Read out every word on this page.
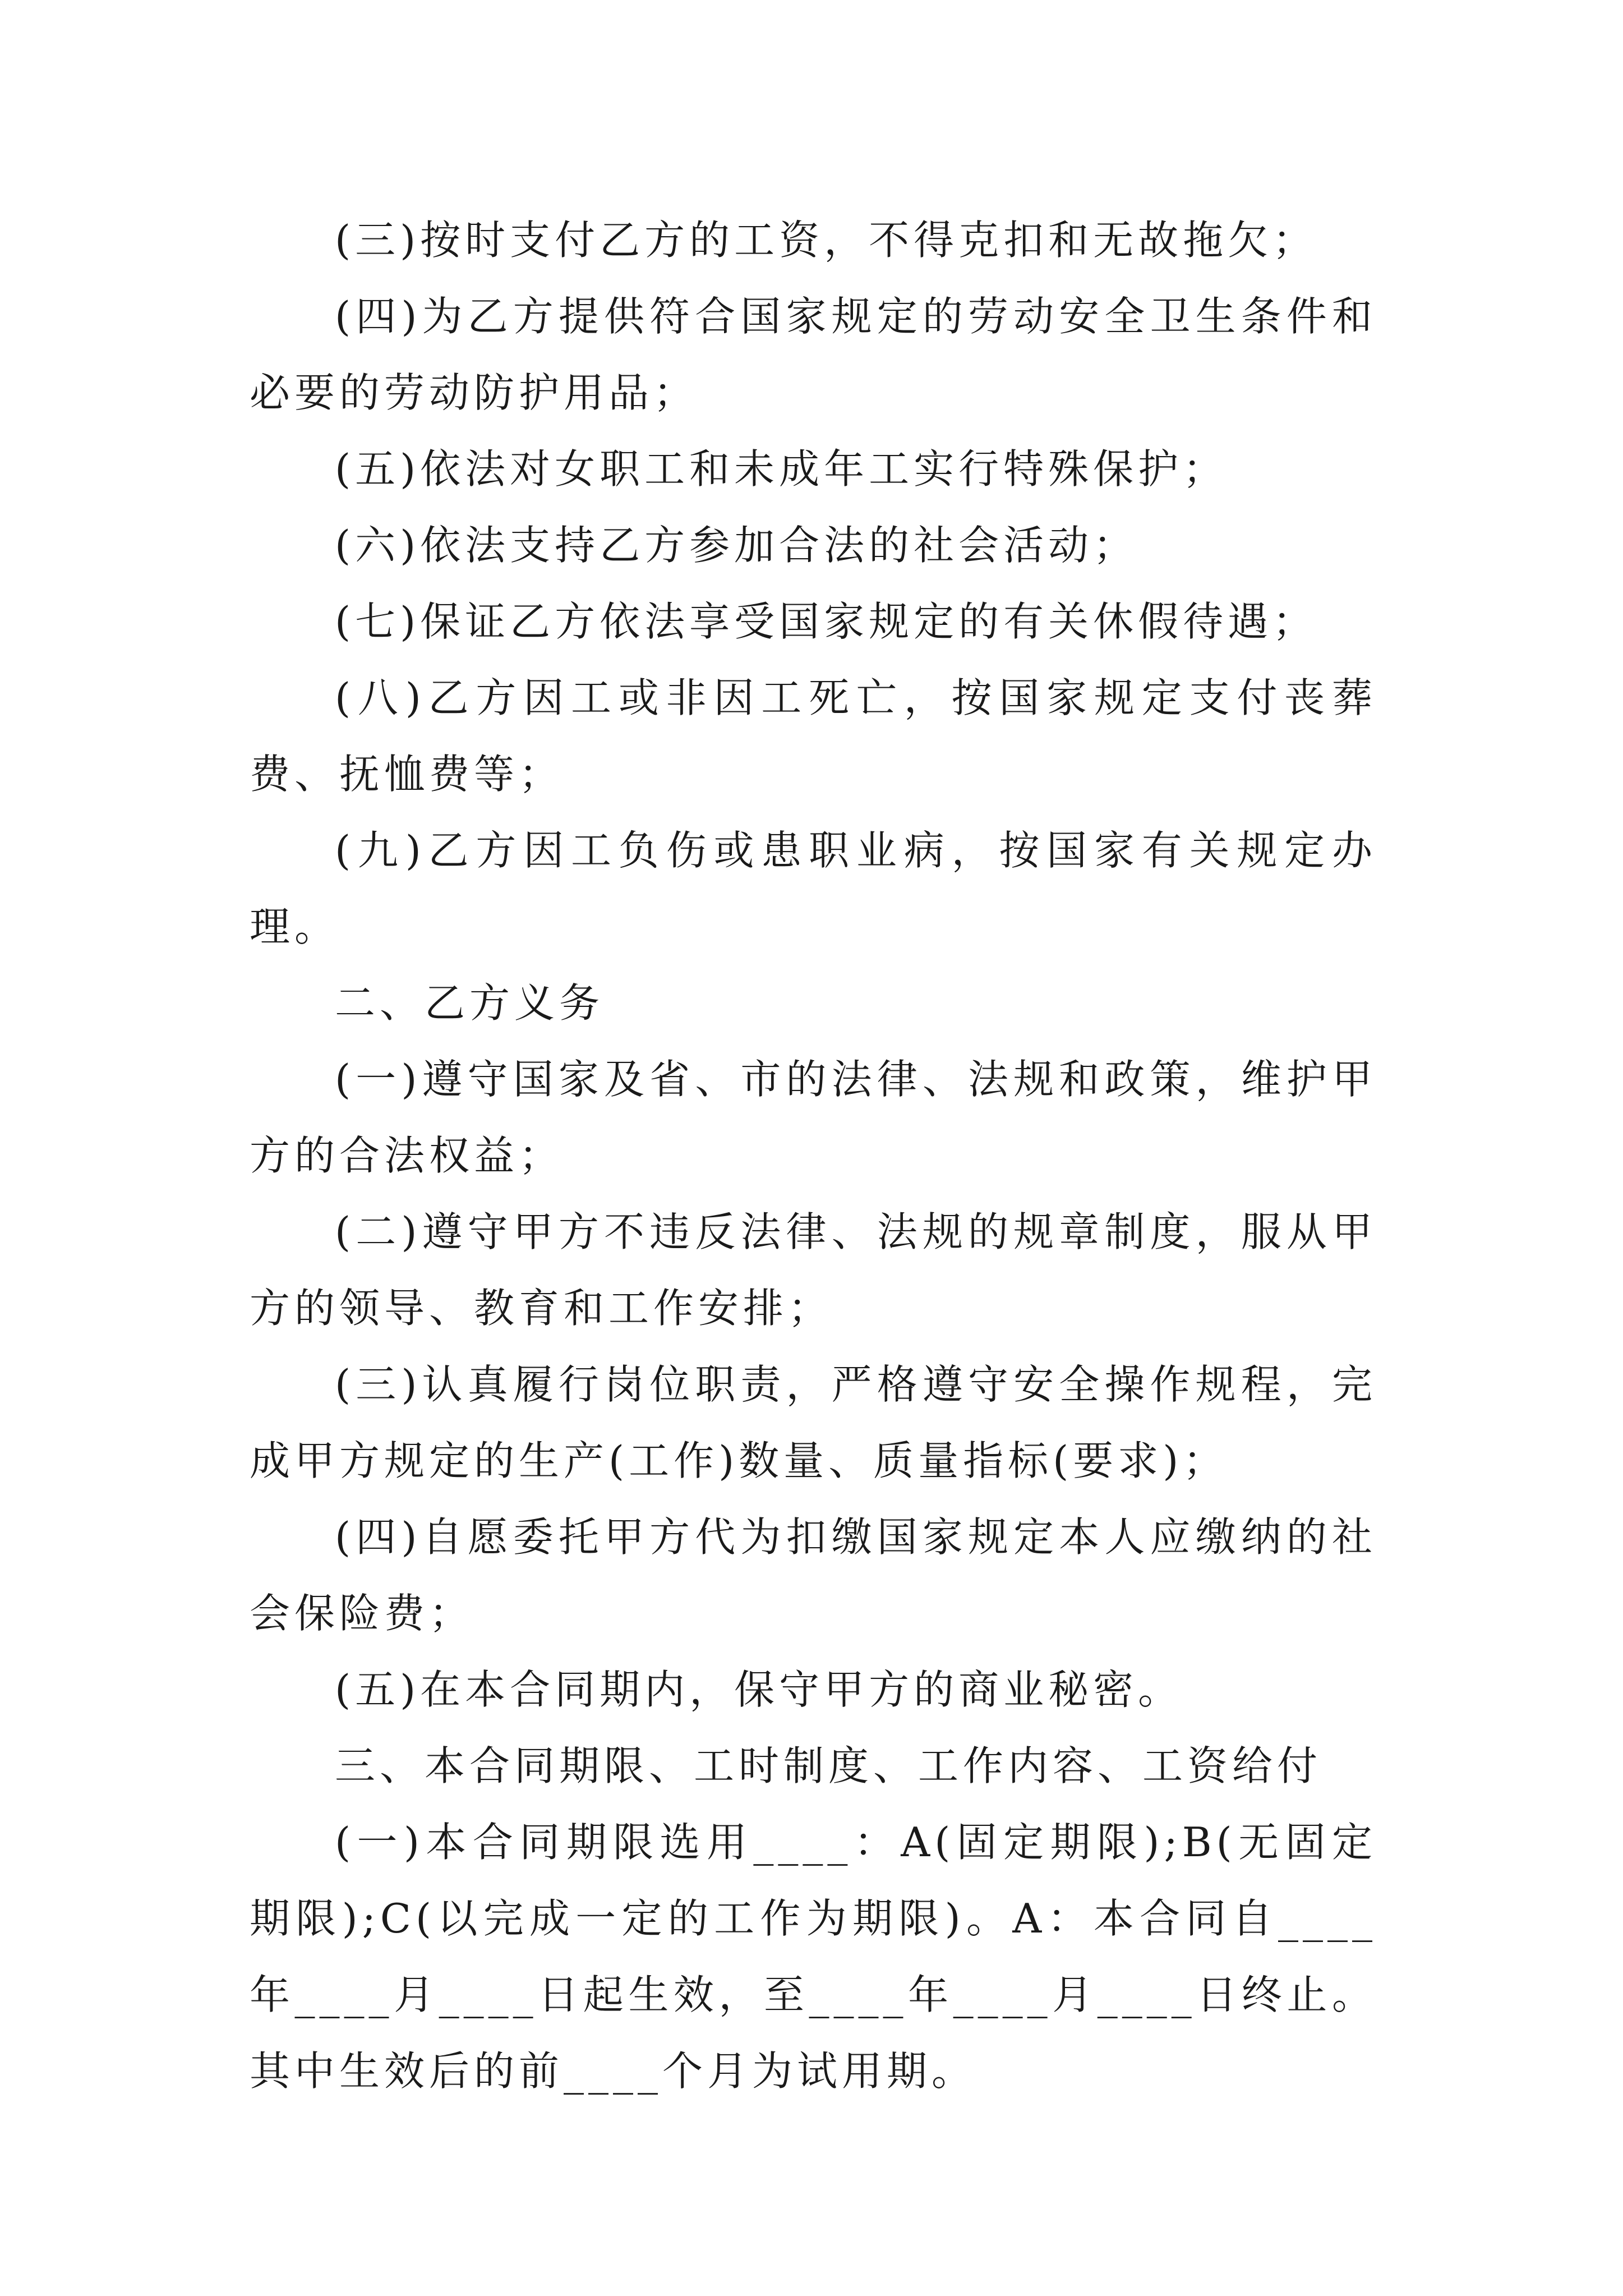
(三)按时支付乙方的工资，不得克扣和无故拖欠；

(四)为乙方提供符合国家规定的劳动安全卫生条件和必要的劳动防护用品；

(五)依法对女职工和未成年工实行特殊保护；

(六)依法支持乙方参加合法的社会活动；

(七)保证乙方依法享受国家规定的有关休假待遇；

(八)乙方因工或非因工死亡，按国家规定支付丧葬费、抚恤费等；

(九)乙方因工负伤或患职业病，按国家有关规定办理。

二、乙方义务

(一)遵守国家及省、市的法律、法规和政策，维护甲方的合法权益；

(二)遵守甲方不违反法律、法规的规章制度，服从甲方的领导、教育和工作安排；

(三)认真履行岗位职责，严格遵守安全操作规程，完成甲方规定的生产(工作)数量、质量指标(要求)；

(四)自愿委托甲方代为扣缴国家规定本人应缴纳的社会保险费；

(五)在本合同期内，保守甲方的商业秘密。

三、本合同期限、工时制度、工作内容、工资给付

(一)本合同期限选用____：A(固定期限);B(无固定期限);C(以完成一定的工作为期限)。A：本合同自____年____月____日起生效，至____年____月____日终止。其中生效后的前____个月为试用期。
